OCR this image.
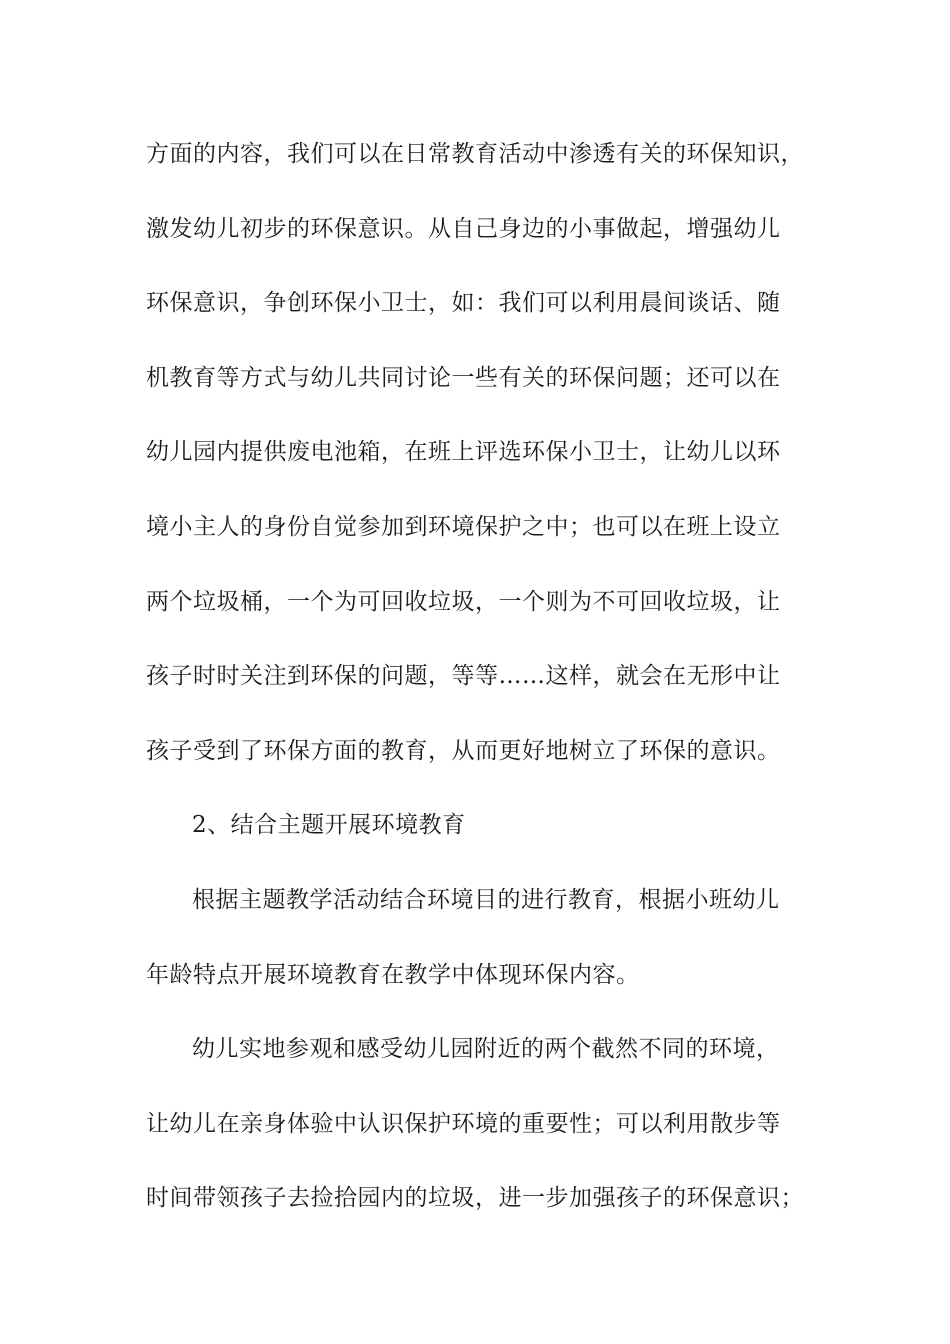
方面的内容，我们可以在日常教育活动中渗透有关的环保知识，
激发幼儿初步的环保意识。从自己身边的小事做起，增强幼儿
环保意识，争创环保小卫士，如：我们可以利用晨间谈话、随
机教育等方式与幼儿共同讨论一些有关的环保问题；还可以在
幼儿园内提供废电池箱，在班上评选环保小卫士，让幼儿以环
境小主人的身份自觉参加到环境保护之中；也可以在班上设立
两个垃圾桶，一个为可回收垃圾，一个则为不可回收垃圾，让
孩子时时关注到环保的问题，等等……这样，就会在无形中让
孩子受到了环保方面的教育，从而更好地树立了环保的意识。
2、结合主题开展环境教育
根据主题教学活动结合环境目的进行教育，根据小班幼儿
年龄特点开展环境教育在教学中体现环保内容。
幼儿实地参观和感受幼儿园附近的两个截然不同的环境，
让幼儿在亲身体验中认识保护环境的重要性；可以利用散步等
时间带领孩子去捡拾园内的垃圾，进一步加强孩子的环保意识；
